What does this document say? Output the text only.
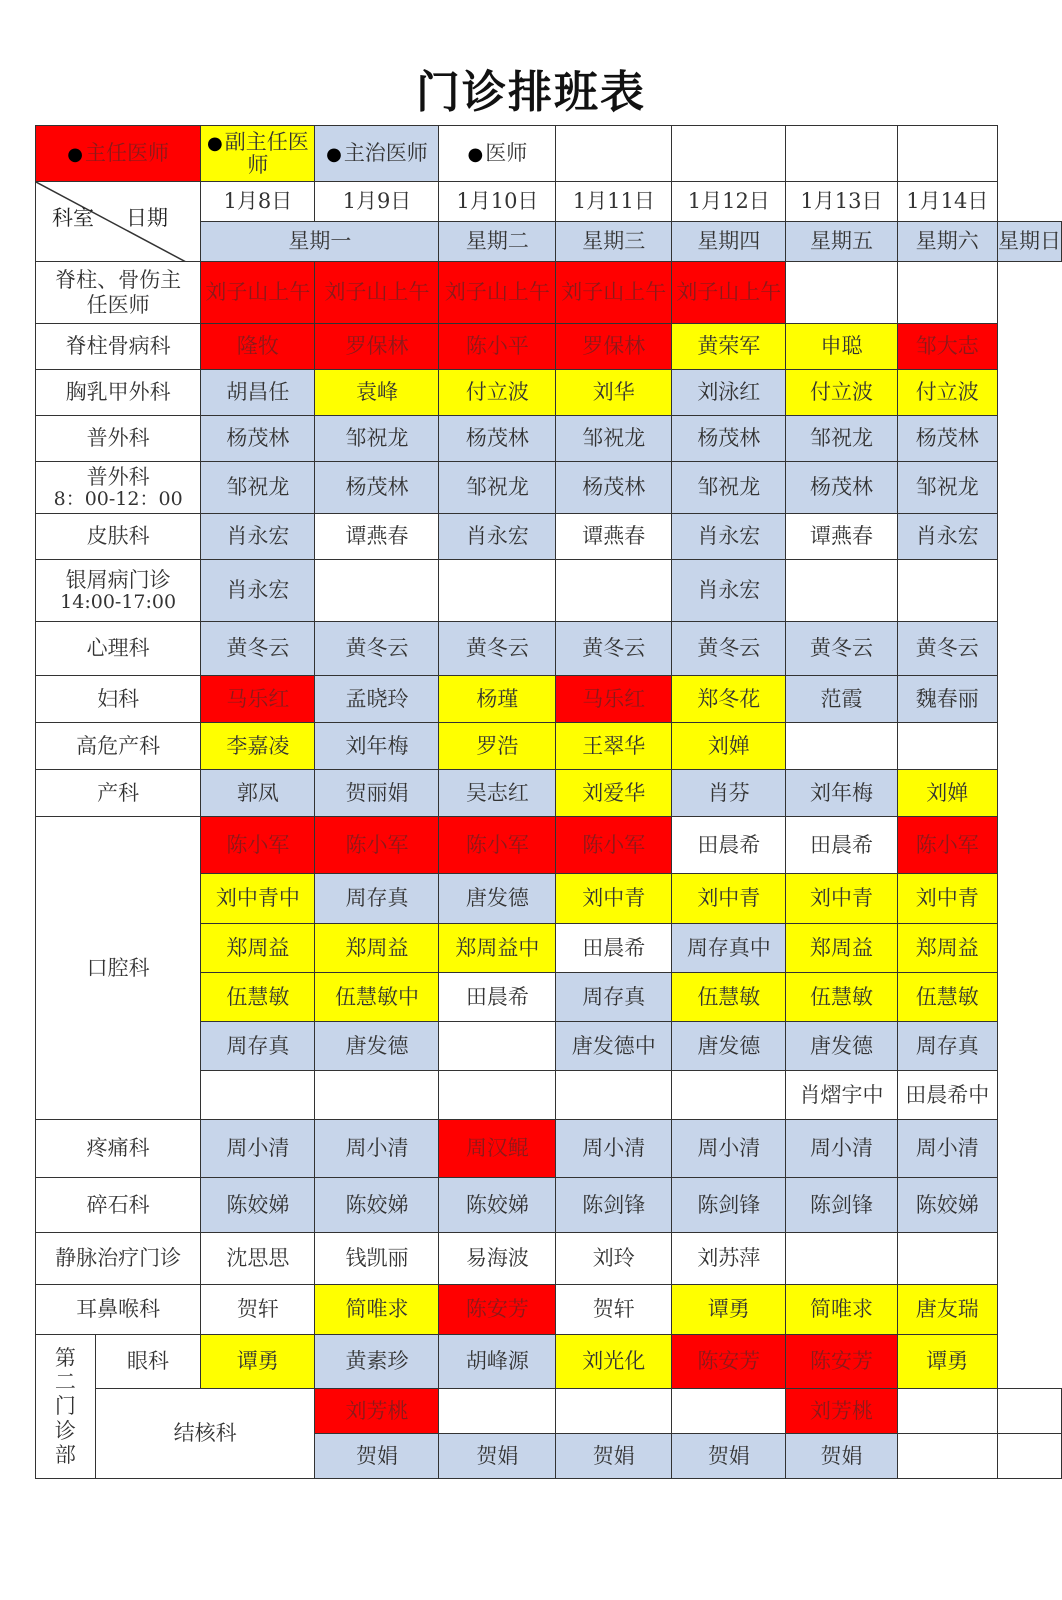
门诊排班表
●主任医师		●副主任医师	●主治医师	●医师					

科室 日期		1月8日	1月9日	1月10日	1月11日	1月12日	1月13日	1月14日	
		星期一		星期二	星期三	星期四	星期五	星期六	星期日

脊柱、骨伤主任医师		刘子山上午	刘子山上午	刘子山上午	刘子山上午	刘子山上午			

脊柱骨病科		隆牧	罗保林	陈小平	罗保林	黄荣军	申聪	邹大志	

胸乳甲外科		胡昌任	袁峰	付立波	刘华	刘泳红	付立波	付立波	

普外科		杨茂林	邹祝龙	杨茂林	邹祝龙	杨茂林	邹祝龙	杨茂林	

普外科
8：00-12：00		邹祝龙	杨茂林	邹祝龙	杨茂林	邹祝龙	杨茂林	邹祝龙	

皮肤科		肖永宏	谭燕春	肖永宏	谭燕春	肖永宏	谭燕春	肖永宏	

银屑病门诊
14:00-17:00		肖永宏				肖永宏			

心理科		黄冬云	黄冬云	黄冬云	黄冬云	黄冬云	黄冬云	黄冬云	

妇科		马乐红	孟晓玲	杨瑾	马乐红	郑冬花	范霞	魏春丽	

高危产科		李嘉凌	刘年梅	罗浩	王翠华	刘婵			

产科		郭凤	贺丽娟	吴志红	刘爱华	肖芬	刘年梅	刘婵	

口腔科		陈小军	陈小军	陈小军	陈小军	田晨希	田晨希	陈小军	
		刘中青中	周存真	唐发德	刘中青	刘中青	刘中青	刘中青	
		郑周益	郑周益	郑周益中	田晨希	周存真中	郑周益	郑周益	
		伍慧敏	伍慧敏中	田晨希	周存真	伍慧敏	伍慧敏	伍慧敏	
		周存真	唐发德		唐发德中	唐发德	唐发德	周存真	
							肖熠宇中	田晨希中	

疼痛科		周小清	周小清	周汉鲲	周小清	周小清	周小清	周小清	

碎石科		陈姣娣	陈姣娣	陈姣娣	陈剑锋	陈剑锋	陈剑锋	陈姣娣	

静脉治疗门诊		沈思思	钱凯丽	易海波	刘玲	刘苏萍			

耳鼻喉科		贺轩	简唯求	陈安芳	贺轩	谭勇	简唯求	唐友瑞	
第二门诊部	眼科	谭勇	黄素珍	胡峰源	刘光化	陈安芳	陈安芳	谭勇	

	结核科		刘芳桃				刘芳桃		
			贺娟	贺娟	贺娟	贺娟	贺娟		
